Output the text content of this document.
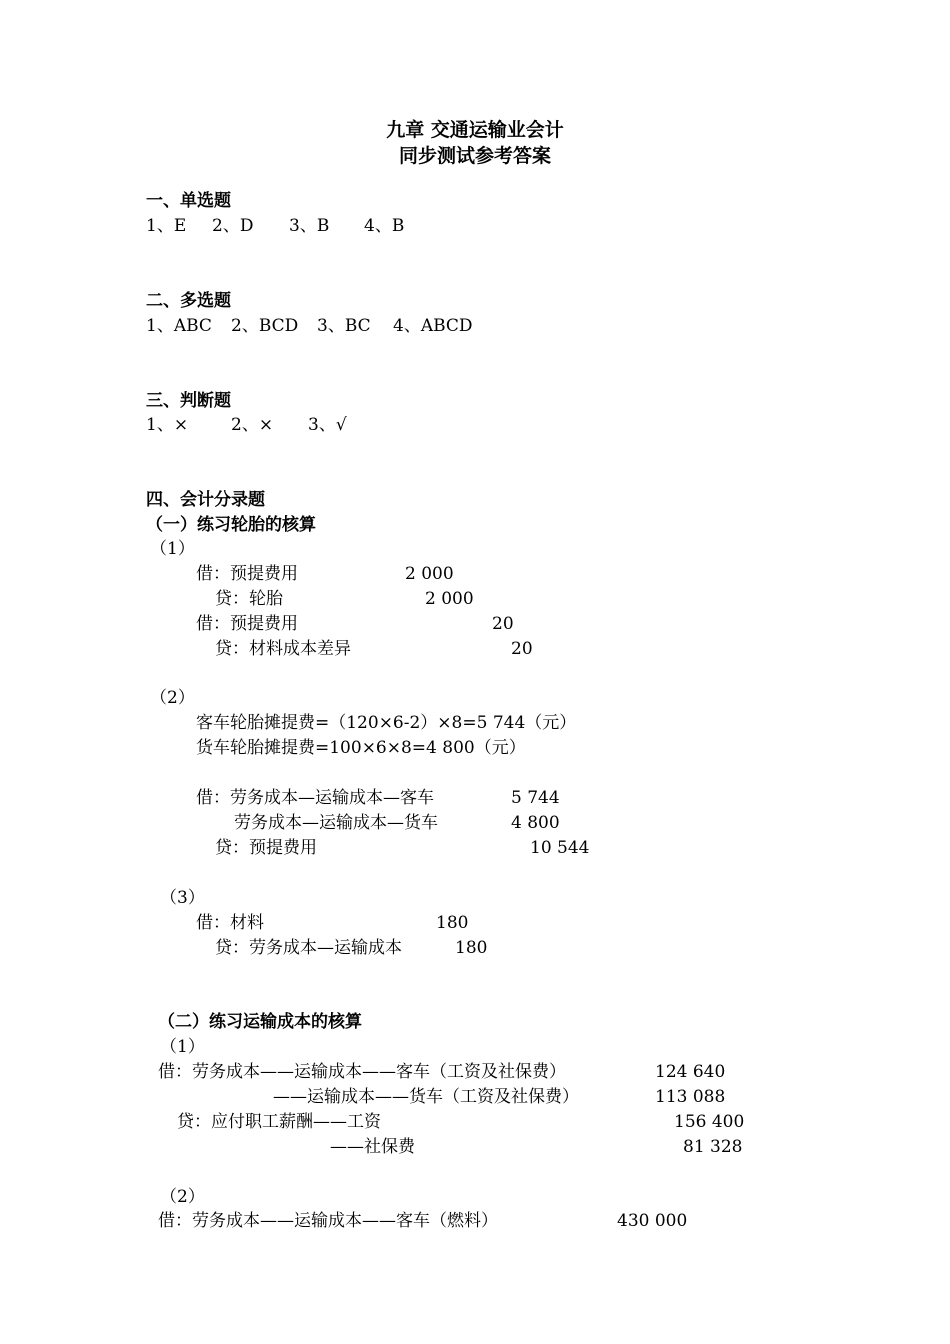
九章 交通运输业会计
同步测试参考答案
一、单选题
1、E 2、D 3、B 4、B
二、多选题
1、ABC 2、BCD 3、BC 4、ABCD
三、判断题
1、×	2、× 3、√
四、会计分录题
（一）练习轮胎的核算
（1）
借：预提费用	2 000
贷：轮胎	2 000
借：预提费用	20
贷：材料成本差异	20
（2）
客车轮胎摊提费=（120×6-2）×8=5 744（元）
货车轮胎摊提费=100×6×8=4 800（元）
借：劳务成本—运输成本—客车	5 744
劳务成本—运输成本—货车	4 800
贷：预提费用	10 544
（3）
借：材料	180
贷：劳务成本—运输成本	180
（二）练习运输成本的核算
（1）
借：劳务成本——运输成本——客车（工资及社保费）	124 640
——运输成本——货车（工资及社保费）	113 088
贷：应付职工薪酬——工资	156 400
——社保费	81 328
（2）
借：劳务成本——运输成本——客车（燃料）	430 000
